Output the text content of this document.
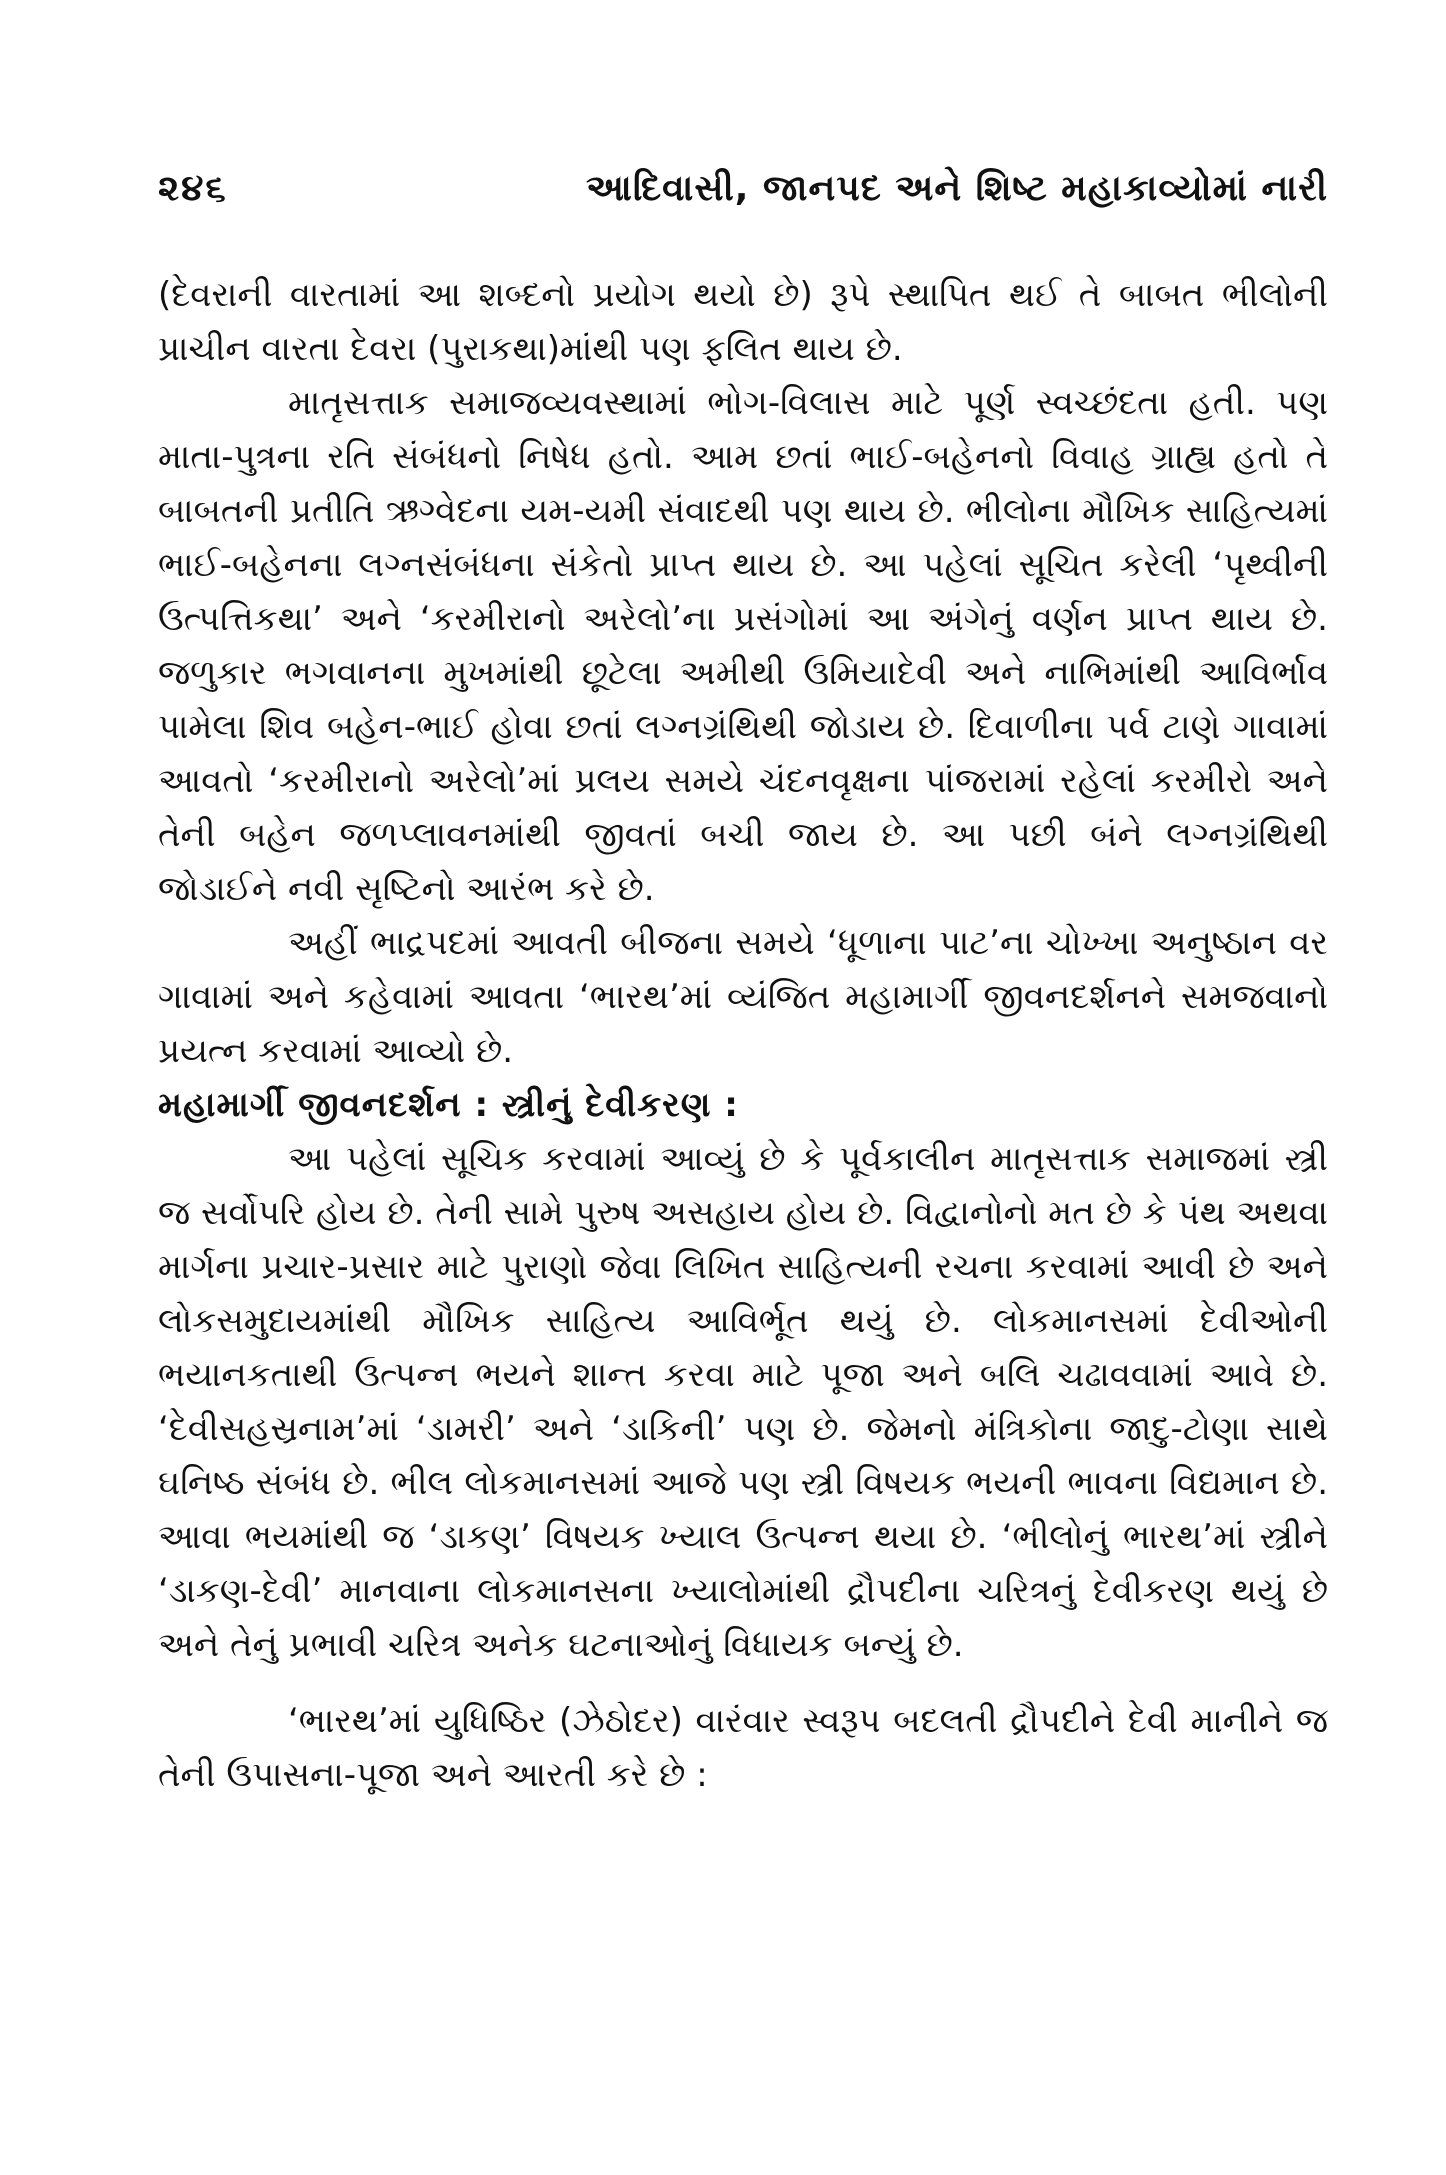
૨૪૬	આદિવાસી, જાનપદ અને શિષ્ટ મહાકાવ્યોમાં નારી

(દેવરાની વારતામાં આ શબ્દનો પ્રયોગ થયો છે) રૂપે સ્થાપિત થઈ તે બાબત ભીલોની પ્રાચીન વારતા દેવરા (પુરાકથા)માંથી પણ ફલિત થાય છે.

માતૃસત્તાક સમાજવ્યવસ્થામાં ભોગ-વિલાસ માટે પૂર્ણ સ્વચ્છંદતા હતી. પણ માતા-પુત્રના રતિ સંબંધનો નિષેધ હતો. આમ છતાં ભાઈ-બહેનનો વિવાહ ગ્રાહ્ય હતો તે બાબતની પ્રતીતિ ઋગ્વેદના યમ-યમી સંવાદથી પણ થાય છે. ભીલોના મૌખિક સાહિત્યમાં ભાઈ-બહેનના લગ્નસંબંધના સંકેતો પ્રાપ્ત થાય છે. આ પહેલાં સૂચિત કરેલી ‘પૃથ્વીની ઉત્પત્તિકથા’ અને ‘કરમીરાનો અરેલો’ના પ્રસંગોમાં આ અંગેનું વર્ણન પ્રાપ્ત થાય છે. જળુકાર ભગવાનના મુખમાંથી છૂટેલા અમીથી ઉમિયાદેવી અને નાભિમાંથી આવિર્ભાવ પામેલા શિવ બહેન-ભાઈ હોવા છતાં લગ્નગ્રંથિથી જોડાય છે. દિવાળીના પર્વ ટાણે ગાવામાં આવતો ‘કરમીરાનો અરેલો’માં પ્રલય સમયે ચંદનવૃક્ષના પાંજરામાં રહેલાં કરમીરો અને તેની બહેન જળપ્લાવનમાંથી જીવતાં બચી જાય છે. આ પછી બંને લગ્નગ્રંથિથી જોડાઈને નવી સૃષ્ટિનો આરંભ કરે છે.

અહીં ભાદ્રપદમાં આવતી બીજના સમયે ‘ધૂળાના પાટ’ના ચોખ્ખા અનુષ્ઠાન વર ગાવામાં અને કહેવામાં આવતા ‘ભારથ’માં વ્યંજિત મહામાર્ગી જીવનદર્શનને સમજવાનો પ્રયત્ન કરવામાં આવ્યો છે.

મહામાર્ગી જીવનદર્શન : સ્ત્રીનું દેવીકરણ :

આ પહેલાં સૂચિક કરવામાં આવ્યું છે કે પૂર્વકાલીન માતૃસત્તાક સમાજમાં સ્ત્રી જ સર્વોપરિ હોય છે. તેની સામે પુરુષ અસહાય હોય છે. વિદ્વાનોનો મત છે કે પંથ અથવા માર્ગના પ્રચાર-પ્રસાર માટે પુરાણો જેવા લિખિત સાહિત્યની રચના કરવામાં આવી છે અને લોકસમુદાયમાંથી મૌખિક સાહિત્ય આવિર્ભૂત થયું છે. લોકમાનસમાં દેવીઓની ભયાનકતાથી ઉત્પન્ન ભયને શાન્ત કરવા માટે પૂજા અને બલિ ચઢાવવામાં આવે છે. ‘દેવીસહસ્રનામ’માં ‘ડામરી’ અને ‘ડાકિની’ પણ છે. જેમનો મંત્રિકોના જાદુ-ટોણા સાથે ઘનિષ્ઠ સંબંધ છે. ભીલ લોકમાનસમાં આજે પણ સ્ત્રી વિષયક ભયની ભાવના વિદ્યમાન છે. આવા ભયમાંથી જ ‘ડાકણ’ વિષયક ખ્યાલ ઉત્પન્ન થયા છે. ‘ભીલોનું ભારથ’માં સ્ત્રીને ‘ડાકણ-દેવી’ માનવાના લોકમાનસના ખ્યાલોમાંથી દ્રૌપદીના ચરિત્રનું દેવીકરણ થયું છે અને તેનું પ્રભાવી ચરિત્ર અનેક ઘટનાઓનું વિધાયક બન્યું છે.

‘ભારથ’માં યુધિષ્ઠિર (ઝેઠોદર) વારંવાર સ્વરૂપ બદલતી દ્રૌપદીને દેવી માનીને જ તેની ઉપાસના-પૂજા અને આરતી કરે છે :
